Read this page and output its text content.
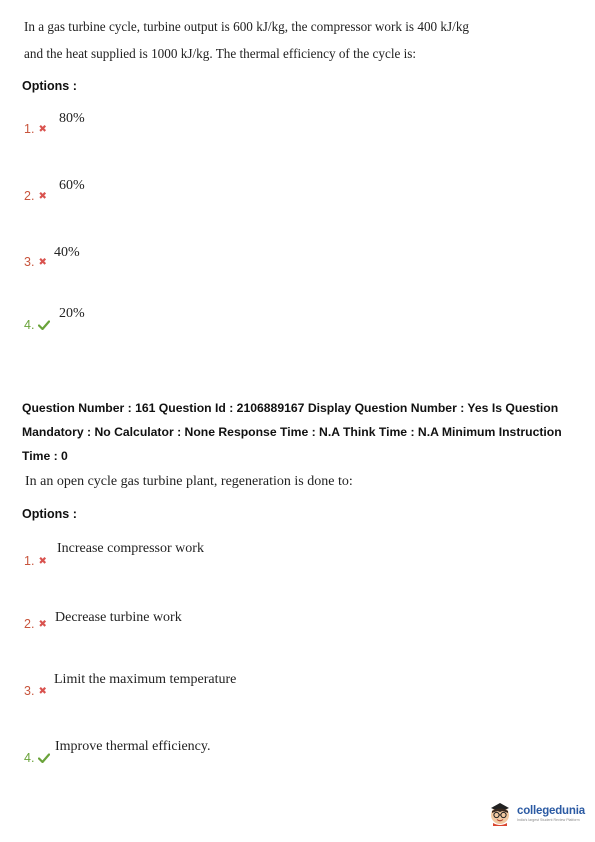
In a gas turbine cycle, turbine output is 600 kJ/kg, the compressor work is 400 kJ/kg
and the heat supplied is 1000 kJ/kg. The thermal efficiency of the cycle is:
Options :
1. ✖
80%
2. ✖
60%
3. ✖
40%
4.
20%
Question Number : 161 Question Id : 2106889167 Display Question Number : Yes Is Question
Mandatory : No Calculator : None Response Time : N.A Think Time : N.A Minimum Instruction
Time : 0
In an open cycle gas turbine plant, regeneration is done to:
Options :
1. ✖
Increase compressor work
2. ✖ Decrease turbine work
3. ✖
Limit the maximum temperature
4.
Improve thermal efficiency.
collegedunia
India's largest Student Review Platform
